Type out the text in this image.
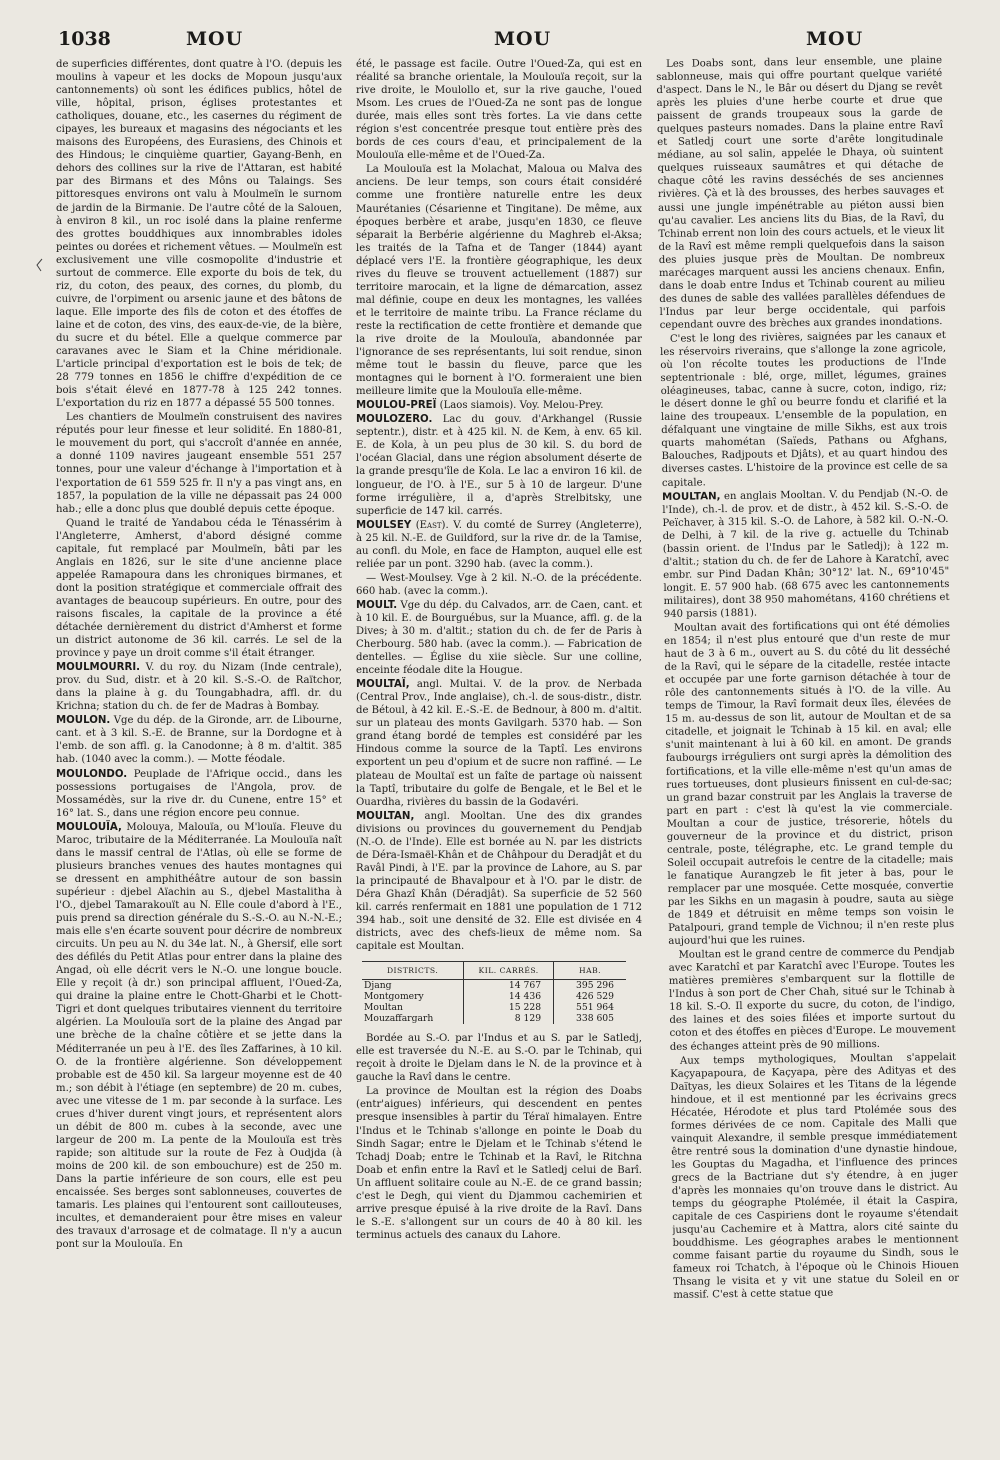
1038	MOU	MOU	MOU

de superficies différentes, dont quatre à l'O. (depuis les moulins à vapeur et les docks de Mopoun jusqu'aux cantonnements) où sont les édifices publics, hôtel de ville, hôpital, prison, églises protestantes et catholiques, douane, etc., les casernes du régiment de cipayes, les bureaux et magasins des négociants et les maisons des Européens, des Eurasiens, des Chinois et des Hindous; le cinquième quartier, Gayang-Benh, en dehors des collines sur la rive de l'Attaran, est habité par des Birmans et des Môns ou Talaings. Ses pittoresques environs ont valu à Moulmeïn le surnom de jardin de la Birmanie. De l'autre côté de la Salouen, à environ 8 kil., un roc isolé dans la plaine renferme des grottes bouddhiques aux innombrables idoles peintes ou dorées et richement vêtues. — Moulmeïn est exclusivement une ville cosmopolite d'industrie et surtout de commerce. Elle exporte du bois de tek, du riz, du coton, des peaux, des cornes, du plomb, du cuivre, de l'orpiment ou arsenic jaune et des bâtons de laque. Elle importe des fils de coton et des étoffes de laine et de coton, des vins, des eaux-de-vie, de la bière, du sucre et du bétel. Elle a quelque commerce par caravanes avec le Siam et la Chine méridionale. L'article principal d'exportation est le bois de tek; de 28 779 tonnes en 1856 le chiffre d'expédition de ce bois s'était élevé en 1877-78 à 125 242 tonnes. L'exportation du riz en 1877 a dépassé 55 500 tonnes.

Les chantiers de Moulmeïn construisent des navires réputés pour leur finesse et leur solidité. En 1880-81, le mouvement du port, qui s'accroît d'année en année, a donné 1109 navires jaugeant ensemble 551 257 tonnes, pour une valeur d'échange à l'importation et à l'exportation de 61 559 525 fr. Il n'y a pas vingt ans, en 1857, la population de la ville ne dépassait pas 24 000 hab.; elle a donc plus que doublé depuis cette époque.

Quand le traité de Yandabou céda le Ténassérim à l'Angleterre, Amherst, d'abord désigné comme capitale, fut remplacé par Moulmeïn, bâti par les Anglais en 1826, sur le site d'une ancienne place appelée Ramapoura dans les chroniques birmanes, et dont la position stratégique et commerciale offrait des avantages de beaucoup supérieurs. En outre, pour des raisons fiscales, la capitale de la province a été détachée dernièrement du district d'Amherst et forme un district autonome de 36 kil. carrés. Le sel de la province y paye un droit comme s'il était étranger.

MOULMOURRI. V. du roy. du Nizam (Inde centrale), prov. du Sud, distr. et à 20 kil. S.-S.-O. de Raïtchor, dans la plaine à g. du Toungabhadra, affl. dr. du Krichna; station du ch. de fer de Madras à Bombay.

MOULON. Vge du dép. de la Gironde, arr. de Libourne, cant. et à 3 kil. S.-E. de Branne, sur la Dordogne et à l'emb. de son affl. g. la Canodonne; à 8 m. d'altit. 385 hab. (1040 avec la comm.). — Motte féodale.

MOULONDO. Peuplade de l'Afrique occid., dans les possessions portugaises de l'Angola, prov. de Mossamédès, sur la rive dr. du Cunene, entre 15° et 16° lat. S., dans une région encore peu connue.

MOULOUÏA, Molouya, Malouïa, ou M'louïa. Fleuve du Maroc, tributaire de la Méditerranée. La Moulouïa naît dans le massif central de l'Atlas, où elle se forme de plusieurs branches venues des hautes montagnes qui se dressent en amphithéâtre autour de son bassin supérieur : djebel Aïachin au S., djebel Mastalitha à l'O., djebel Tamarakouït au N. Elle coule d'abord à l'E., puis prend sa direction générale du S.-S.-O. au N.-N.-E.; mais elle s'en écarte souvent pour décrire de nombreux circuits. Un peu au N. du 34e lat. N., à Ghersif, elle sort des défilés du Petit Atlas pour entrer dans la plaine des Angad, où elle décrit vers le N.-O. une longue boucle. Elle y reçoit (à dr.) son principal affluent, l'Oued-Za, qui draine la plaine entre le Chott-Gharbi et le Chott-Tigri et dont quelques tributaires viennent du territoire algérien. La Moulouïa sort de la plaine des Angad par une brèche de la chaîne côtière et se jette dans la Méditerranée un peu à l'E. des îles Zaffarines, à 10 kil. O. de la frontière algérienne. Son développement probable est de 450 kil. Sa largeur moyenne est de 40 m.; son débit à l'étiage (en septembre) de 20 m. cubes, avec une vitesse de 1 m. par seconde à la surface. Les crues d'hiver durent vingt jours, et représentent alors un débit de 800 m. cubes à la seconde, avec une largeur de 200 m. La pente de la Moulouïa est très rapide; son altitude sur la route de Fez à Oudjda (à moins de 200 kil. de son embouchure) est de 250 m. Dans la partie inférieure de son cours, elle est peu encaissée. Ses berges sont sablonneuses, couvertes de tamaris. Les plaines qui l'entourent sont caillouteuses, incultes, et demanderaient pour être mises en valeur des travaux d'arrosage et de colmatage. Il n'y a aucun pont sur la Moulouïa. En

été, le passage est facile. Outre l'Oued-Za, qui est en réalité sa branche orientale, la Moulouïa reçoit, sur la rive droite, le Moulollo et, sur la rive gauche, l'oued Msom. Les crues de l'Oued-Za ne sont pas de longue durée, mais elles sont très fortes. La vie dans cette région s'est concentrée presque tout entière près des bords de ces cours d'eau, et principalement de la Moulouïa elle-même et de l'Oued-Za.

La Moulouïa est la Molachat, Maloua ou Malva des anciens. De leur temps, son cours était considéré comme une frontière naturelle entre les deux Maurétanies (Césarienne et Tingitane). De même, aux époques berbère et arabe, jusqu'en 1830, ce fleuve séparait la Berbérie algérienne du Maghreb el-Aksa; les traités de la Tafna et de Tanger (1844) ayant déplacé vers l'E. la frontière géographique, les deux rives du fleuve se trouvent actuellement (1887) sur territoire marocain, et la ligne de démarcation, assez mal définie, coupe en deux les montagnes, les vallées et le territoire de mainte tribu. La France réclame du reste la rectification de cette frontière et demande que la rive droite de la Moulouïa, abandonnée par l'ignorance de ses représentants, lui soit rendue, sinon même tout le bassin du fleuve, parce que les montagnes qui le bornent à l'O. formeraient une bien meilleure limite que la Moulouïa elle-même.

MOULOU-PREÏ (Laos siamois). Voy. Melou-Prey.

MOULOZERO. Lac du gouv. d'Arkhangel (Russie septentr.), distr. et à 425 kil. N. de Kem, à env. 65 kil. E. de Kola, à un peu plus de 30 kil. S. du bord de l'océan Glacial, dans une région absolument déserte de la grande presqu'île de Kola. Le lac a environ 16 kil. de longueur, de l'O. à l'E., sur 5 à 10 de largeur. D'une forme irrégulière, il a, d'après Strelbitsky, une superficie de 147 kil. carrés.

MOULSEY (East). V. du comté de Surrey (Angleterre), à 25 kil. N.-E. de Guildford, sur la rive dr. de la Tamise, au confl. du Mole, en face de Hampton, auquel elle est reliée par un pont. 3290 hab. (avec la comm.).

— West-Moulsey. Vge à 2 kil. N.-O. de la précédente. 660 hab. (avec la comm.).

MOULT. Vge du dép. du Calvados, arr. de Caen, cant. et à 10 kil. E. de Bourguébus, sur la Muance, affl. g. de la Dives; à 30 m. d'altit.; station du ch. de fer de Paris à Cherbourg. 580 hab. (avec la comm.). — Fabrication de dentelles. — Église du xiie siècle. Sur une colline, enceinte féodale dite la Hougue.

MOULTAÏ, angl. Multai. V. de la prov. de Nerbada (Central Prov., Inde anglaise), ch.-l. de sous-distr., distr. de Bétoul, à 42 kil. E.-S.-E. de Bednour, à 800 m. d'altit. sur un plateau des monts Gavilgarh. 5370 hab. — Son grand étang bordé de temples est considéré par les Hindous comme la source de la Taptî. Les environs exportent un peu d'opium et de sucre non raffiné. — Le plateau de Moultaï est un faîte de partage où naissent la Taptî, tributaire du golfe de Bengale, et le Bel et le Ouardha, rivières du bassin de la Godavéri.

MOULTAN, angl. Mooltan. Une des dix grandes divisions ou provinces du gouvernement du Pendjab (N.-O. de l'Inde). Elle est bornée au N. par les districts de Déra-Ismaël-Khân et de Châhpour du Deradjât et du Ravâl Pindi, à l'E. par la province de Lahore, au S. par la principauté de Bhavalpour et à l'O. par le distr. de Déra Ghazî Khân (Déradjât). Sa superficie de 52 560 kil. carrés renfermait en 1881 une population de 1 712 394 hab., soit une densité de 32. Elle est divisée en 4 districts, avec des chefs-lieux de même nom. Sa capitale est Moultan.

DISTRICTS.	KIL. CARRÉS.	HAB.
Djang	14 767	395 296
Montgomery	14 436	426 529
Moultan	15 228	551 964
Mouzaffargarh	8 129	338 605

Bordée au S.-O. par l'Indus et au S. par le Satledj, elle est traversée du N.-E. au S.-O. par le Tchinab, qui reçoit à droite le Djelam dans le N. de la province et à gauche la Ravî dans le centre.

La province de Moultan est la région des Doabs (entr'aigues) inférieurs, qui descendent en pentes presque insensibles à partir du Téraï himalayen. Entre l'Indus et le Tchinab s'allonge en pointe le Doab du Sindh Sagar; entre le Djelam et le Tchinab s'étend le Tchadj Doab; entre le Tchinab et la Ravî, le Ritchna Doab et enfin entre la Ravî et le Satledj celui de Barî. Un affluent solitaire coule au N.-E. de ce grand bassin; c'est le Degh, qui vient du Djammou cachemirien et arrive presque épuisé à la rive droite de la Ravî. Dans le S.-E. s'allongent sur un cours de 40 à 80 kil. les terminus actuels des canaux du Lahore.

Les Doabs sont, dans leur ensemble, une plaine sablonneuse, mais qui offre pourtant quelque variété d'aspect. Dans le N., le Bâr ou désert du Djang se revêt après les pluies d'une herbe courte et drue que paissent de grands troupeaux sous la garde de quelques pasteurs nomades. Dans la plaine entre Ravî et Satledj court une sorte d'arête longitudinale médiane, au sol salin, appelée le Dhaya, où suintent quelques ruisseaux saumâtres et qui détache de chaque côté les ravins desséchés de ses anciennes rivières. Çà et là des brousses, des herbes sauvages et aussi une jungle impénétrable au piéton aussi bien qu'au cavalier. Les anciens lits du Bias, de la Ravî, du Tchinab errent non loin des cours actuels, et le vieux lit de la Ravî est même rempli quelquefois dans la saison des pluies jusque près de Moultan. De nombreux marécages marquent aussi les anciens chenaux. Enfin, dans le doab entre Indus et Tchinab courent au milieu des dunes de sable des vallées parallèles défendues de l'Indus par leur berge occidentale, qui parfois cependant ouvre des brèches aux grandes inondations.

C'est le long des rivières, saignées par les canaux et les réservoirs riverains, que s'allonge la zone agricole, où l'on récolte toutes les productions de l'Inde septentrionale : blé, orge, millet, légumes, graines oléagineuses, tabac, canne à sucre, coton, indigo, riz; le désert donne le ghî ou beurre fondu et clarifié et la laine des troupeaux. L'ensemble de la population, en défalquant une vingtaine de mille Sikhs, est aux trois quarts mahométan (Saïeds, Pathans ou Afghans, Balouches, Radjpouts et Djâts), et au quart hindou des diverses castes. L'histoire de la province est celle de sa capitale.

MOULTAN, en anglais Mooltan. V. du Pendjab (N.-O. de l'Inde), ch.-l. de prov. et de distr., à 452 kil. S.-S.-O. de Peïchaver, à 315 kil. S.-O. de Lahore, à 582 kil. O.-N.-O. de Delhi, à 7 kil. de la rive g. actuelle du Tchinab (bassin orient. de l'Indus par le Satledj); à 122 m. d'altit.; station du ch. de fer de Lahore à Karatchî, avec embr. sur Pind Dadan Khân; 30°12' lat. N., 69°10'45" longit. E. 57 900 hab. (68 675 avec les cantonnements militaires), dont 38 950 mahométans, 4160 chrétiens et 940 parsis (1881).

Moultan avait des fortifications qui ont été démolies en 1854; il n'est plus entouré que d'un reste de mur haut de 3 à 6 m., ouvert au S. du côté du lit desséché de la Ravî, qui le sépare de la citadelle, restée intacte et occupée par une forte garnison détachée à tour de rôle des cantonnements situés à l'O. de la ville. Au temps de Timour, la Ravî formait deux îles, élevées de 15 m. au-dessus de son lit, autour de Moultan et de sa citadelle, et joignait le Tchinab à 15 kil. en aval; elle s'unit maintenant à lui à 60 kil. en amont. De grands faubourgs irréguliers ont surgi après la démolition des fortifications, et la ville elle-même n'est qu'un amas de rues tortueuses, dont plusieurs finissent en cul-de-sac; un grand bazar construit par les Anglais la traverse de part en part : c'est là qu'est la vie commerciale. Moultan a cour de justice, trésorerie, hôtels du gouverneur de la province et du district, prison centrale, poste, télégraphe, etc. Le grand temple du Soleil occupait autrefois le centre de la citadelle; mais le fanatique Aurangzeb le fit jeter à bas, pour le remplacer par une mosquée. Cette mosquée, convertie par les Sikhs en un magasin à poudre, sauta au siège de 1849 et détruisit en même temps son voisin le Patalpouri, grand temple de Vichnou; il n'en reste plus aujourd'hui que les ruines.

Moultan est le grand centre de commerce du Pendjab avec Karatchî et par Karatchî avec l'Europe. Toutes les matières premières s'embarquent sur la flottille de l'Indus à son port de Cher Chah, situé sur le Tchinab à 18 kil. S.-O. Il exporte du sucre, du coton, de l'indigo, des laines et des soies filées et importe surtout du coton et des étoffes en pièces d'Europe. Le mouvement des échanges atteint près de 90 millions.

Aux temps mythologiques, Moultan s'appelait Kaçyapapoura, de Kaçyapa, père des Adityas et des Daïtyas, les dieux Solaires et les Titans de la légende hindoue, et il est mentionné par les écrivains grecs Hécatée, Hérodote et plus tard Ptolémée sous des formes dérivées de ce nom. Capitale des Malli que vainquit Alexandre, il semble presque immédiatement être rentré sous la domination d'une dynastie hindoue, les Gouptas du Magadha, et l'influence des princes grecs de la Bactriane dut s'y étendre, à en juger d'après les monnaies qu'on trouve dans le district. Au temps du géographe Ptolémée, il était la Caspira, capitale de ces Caspiriens dont le royaume s'étendait jusqu'au Cachemire et à Mattra, alors cité sainte du bouddhisme. Les géographes arabes le mentionnent comme faisant partie du royaume du Sindh, sous le fameux roi Tchatch, à l'époque où le Chinois Hiouen Thsang le visita et y vit une statue du Soleil en or massif. C'est à cette statue que
